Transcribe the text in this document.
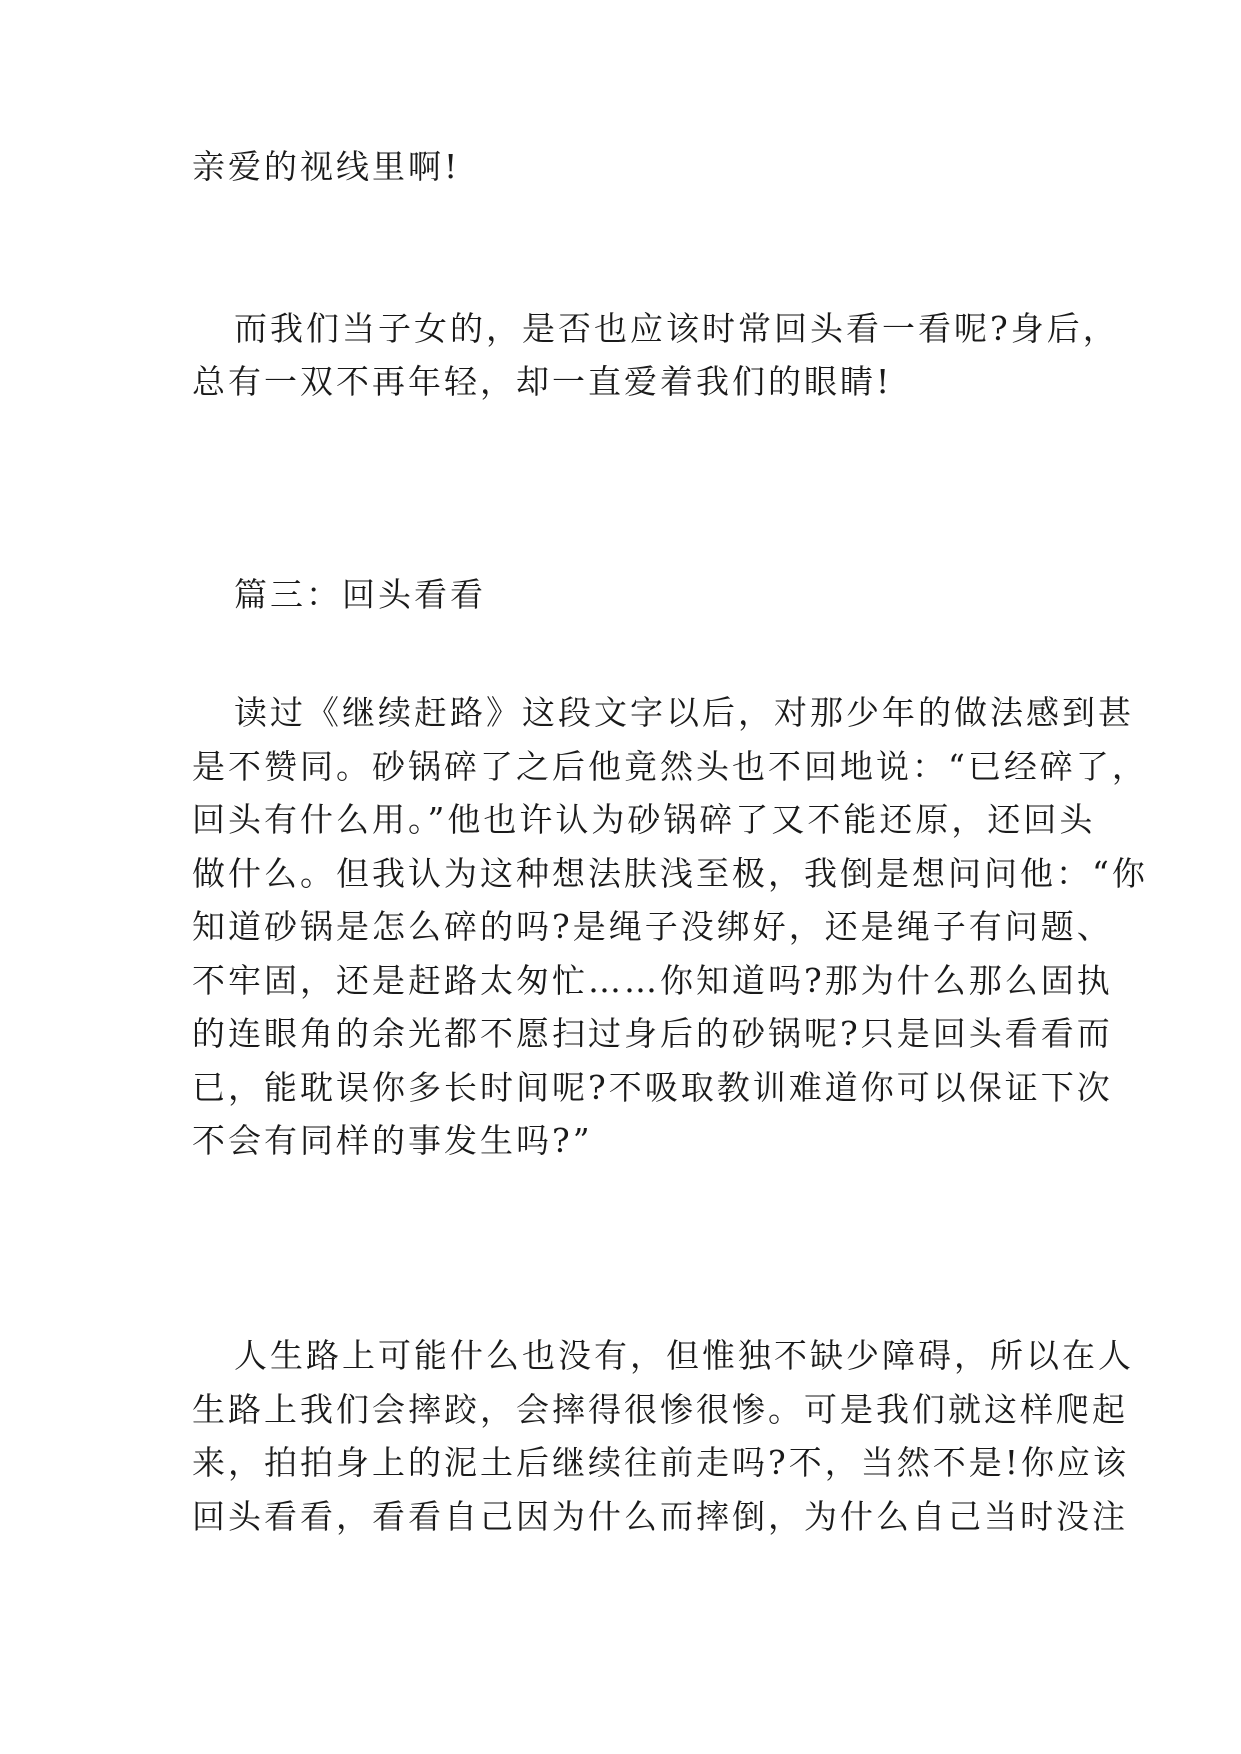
亲爱的视线里啊!
而我们当子女的，是否也应该时常回头看一看呢?身后，
总有一双不再年轻，却一直爱着我们的眼睛!
篇三：回头看看
读过《继续赶路》这段文字以后，对那少年的做法感到甚
是不赞同。砂锅碎了之后他竟然头也不回地说：“已经碎了，
回头有什么用。”他也许认为砂锅碎了又不能还原，还回头
做什么。但我认为这种想法肤浅至极，我倒是想问问他：“你
知道砂锅是怎么碎的吗?是绳子没绑好，还是绳子有问题、
不牢固，还是赶路太匆忙……你知道吗?那为什么那么固执
的连眼角的余光都不愿扫过身后的砂锅呢?只是回头看看而
已，能耽误你多长时间呢?不吸取教训难道你可以保证下次
不会有同样的事发生吗?”
人生路上可能什么也没有，但惟独不缺少障碍，所以在人
生路上我们会摔跤，会摔得很惨很惨。可是我们就这样爬起
来，拍拍身上的泥土后继续往前走吗?不，当然不是!你应该
回头看看，看看自己因为什么而摔倒，为什么自己当时没注
